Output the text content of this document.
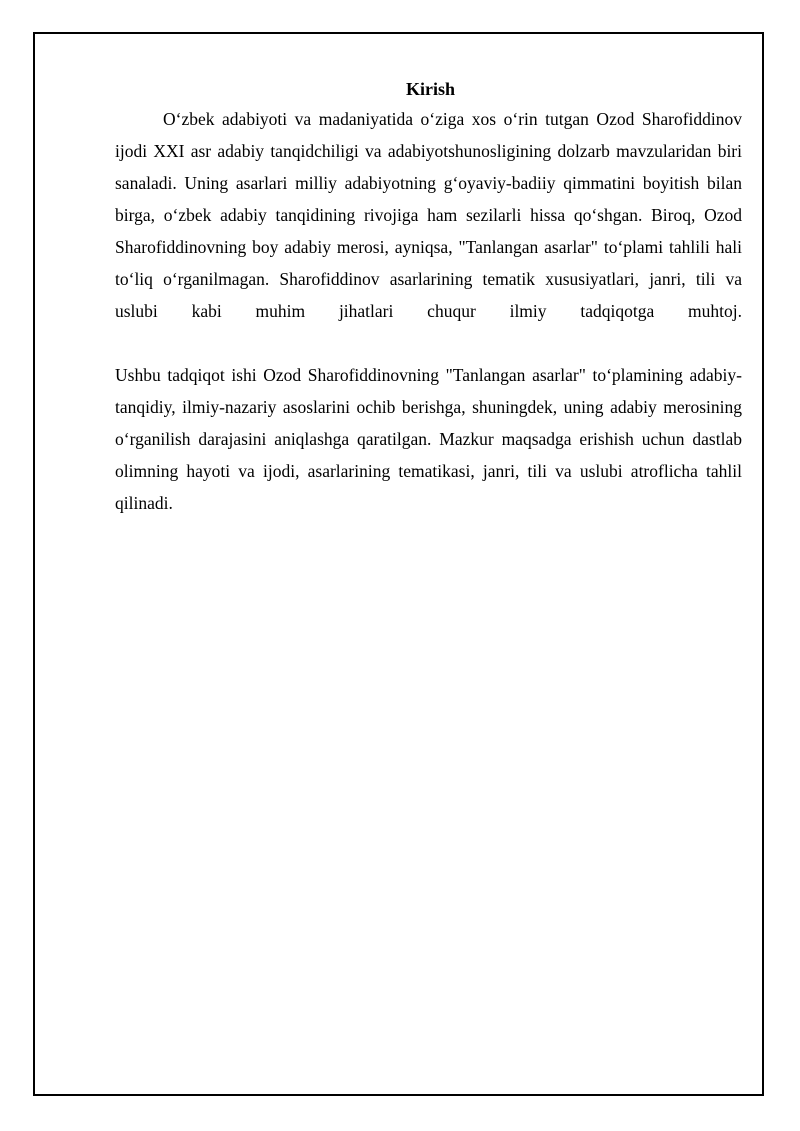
Kirish

O‘zbek adabiyoti va madaniyatida o‘ziga xos o‘rin tutgan Ozod Sharofiddinov ijodi XXI asr adabiy tanqidchiligi va adabiyotshunosligining dolzarb mavzularidan biri sanaladi. Uning asarlari milliy adabiyotning g‘oyaviy-badiiy qimmatini boyitish bilan birga, o‘zbek adabiy tanqidining rivojiga ham sezilarli hissa qo‘shgan. Biroq, Ozod Sharofiddinovning boy adabiy merosi, ayniqsa, "Tanlangan asarlar" to‘plami tahlili hali to‘liq o‘rganilmagan. Sharofiddinov asarlarining tematik xususiyatlari, janri, tili va uslubi kabi muhim jihatlari chuqur ilmiy tadqiqotga muhtoj.

Ushbu tadqiqot ishi Ozod Sharofiddinovning "Tanlangan asarlar" to‘plamining adabiy-tanqidiy, ilmiy-nazariy asoslarini ochib berishga, shuningdek, uning adabiy merosining o‘rganilish darajasini aniqlashga qaratilgan. Mazkur maqsadga erishish uchun dastlab olimning hayoti va ijodi, asarlarining tematikasi, janri, tili va uslubi atroflicha tahlil qilinadi.
